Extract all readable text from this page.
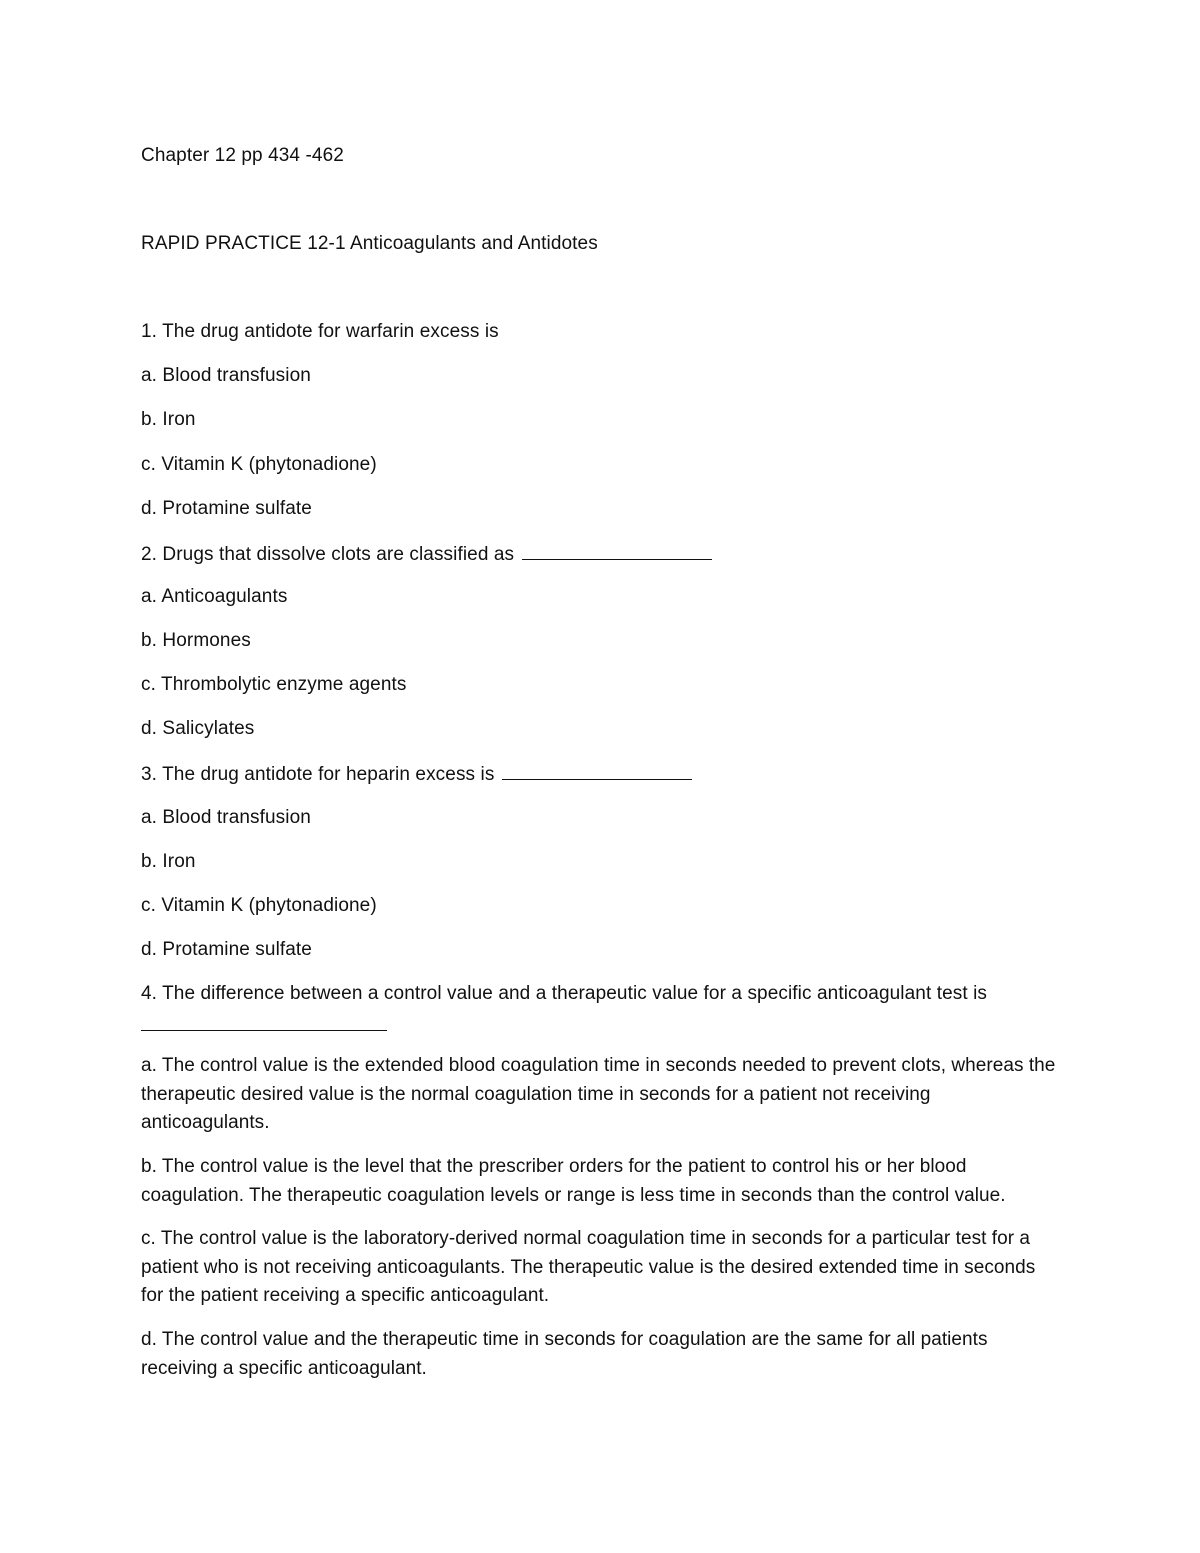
Chapter 12 pp 434 -462
RAPID PRACTICE 12-1 Anticoagulants and Antidotes
1. The drug antidote for warfarin excess is
a. Blood transfusion
b. Iron
c. Vitamin K (phytonadione)
d. Protamine sulfate
2. Drugs that dissolve clots are classified as
a. Anticoagulants
b. Hormones
c. Thrombolytic enzyme agents
d. Salicylates
3. The drug antidote for heparin excess is
a. Blood transfusion
b. Iron
c. Vitamin K (phytonadione)
d. Protamine sulfate
4. The difference between a control value and a therapeutic value for a specific anticoagulant test is
a. The control value is the extended blood coagulation time in seconds needed to prevent clots, whereas the therapeutic desired value is the normal coagulation time in seconds for a patient not receiving anticoagulants.
b. The control value is the level that the prescriber orders for the patient to control his or her blood coagulation. The therapeutic coagulation levels or range is less time in seconds than the control value.
c. The control value is the laboratory-derived normal coagulation time in seconds for a particular test for a patient who is not receiving anticoagulants. The therapeutic value is the desired extended time in seconds for the patient receiving a specific anticoagulant.
d. The control value and the therapeutic time in seconds for coagulation are the same for all patients receiving a specific anticoagulant.
